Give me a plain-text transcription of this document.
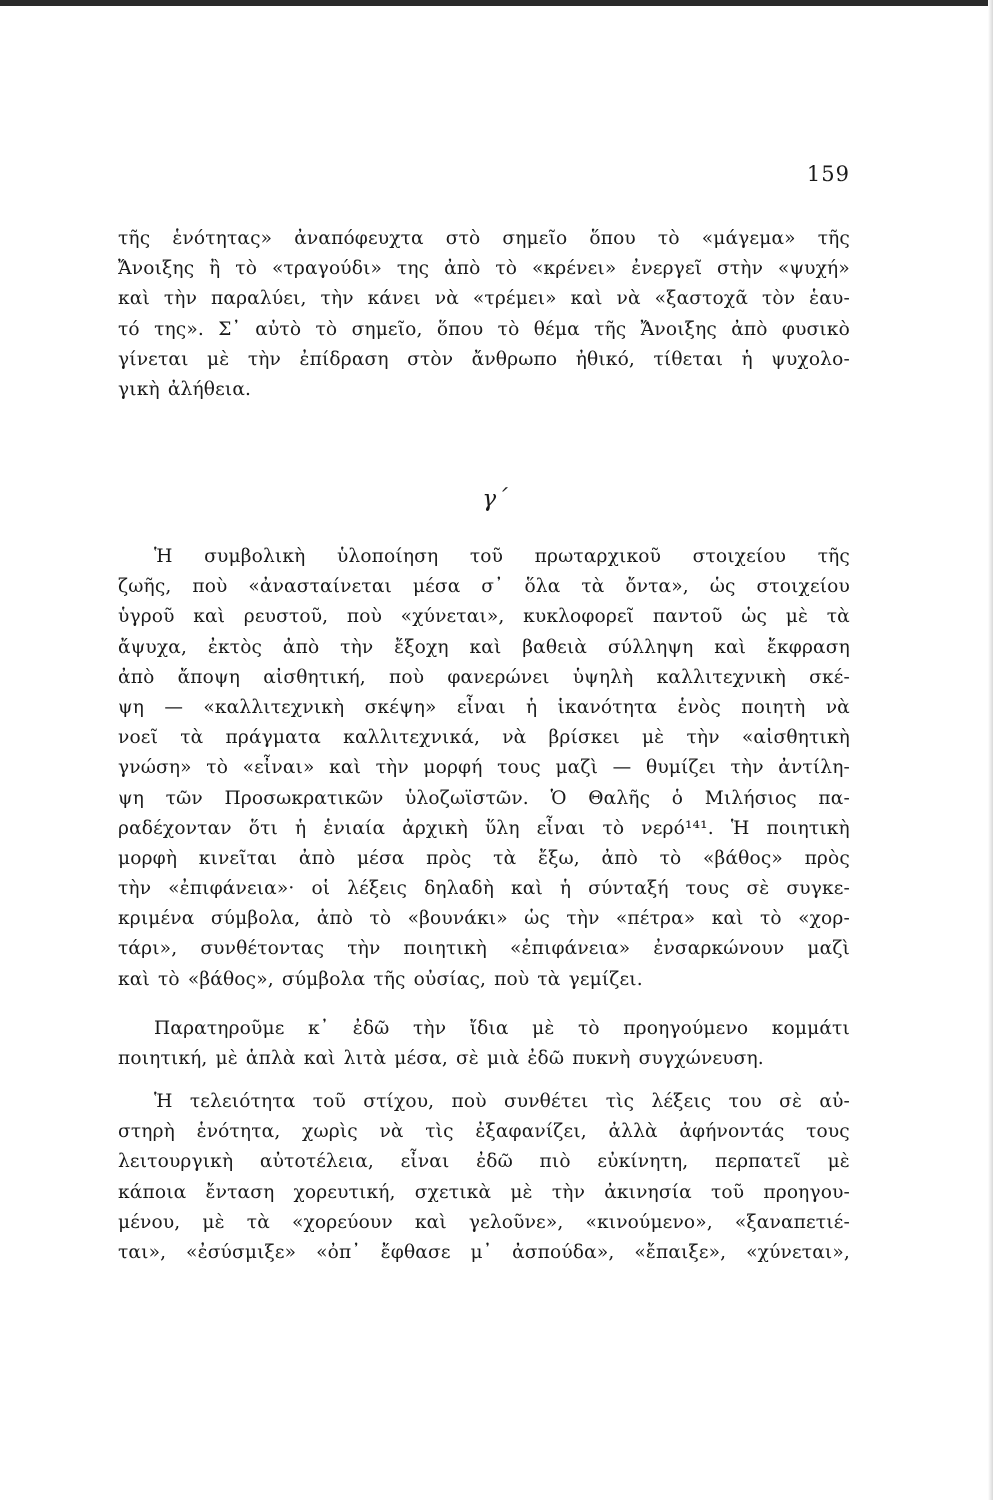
159
τῆς ἑνότητας» ἀναπόφευχτα στὸ σημεῖο ὅπου τὸ «μάγεμα» τῆς
Ἄνοιξης ἢ τὸ «τραγούδι» της ἀπὸ τὸ «κρένει» ἐνεργεῖ στὴν «ψυχή»
καὶ τὴν παραλύει, τὴν κάνει νὰ «τρέμει» καὶ νὰ «ξαστοχᾶ τὸν ἑαυ-
τό της». Σ᾿ αὐτὸ τὸ σημεῖο, ὅπου τὸ θέμα τῆς Ἄνοιξης ἀπὸ φυσικὸ
γίνεται μὲ τὴν ἐπίδραση στὸν ἄνθρωπο ἠθικό, τίθεται ἡ ψυχολο-
γικὴ ἀλήθεια.
γ΄
Ἡ συμβολικὴ ὑλοποίηση τοῦ πρωταρχικοῦ στοιχείου τῆς
ζωῆς, ποὺ «ἀνασταίνεται μέσα σ᾿ ὅλα τὰ ὄντα», ὡς στοιχείου
ὑγροῦ καὶ ρευστοῦ, ποὺ «χύνεται», κυκλοφορεῖ παντοῦ ὡς μὲ τὰ
ἄψυχα, ἐκτὸς ἀπὸ τὴν ἔξοχη καὶ βαθειὰ σύλληψη καὶ ἔκφραση
ἀπὸ ἄποψη αἰσθητική, ποὺ φανερώνει ὑψηλὴ καλλιτεχνικὴ σκέ-
ψη — «καλλιτεχνικὴ σκέψη» εἶναι ἡ ἱκανότητα ἑνὸς ποιητὴ νὰ
νοεῖ τὰ πράγματα καλλιτεχνικά, νὰ βρίσκει μὲ τὴν «αἰσθητικὴ
γνώση» τὸ «εἶναι» καὶ τὴν μορφή τους μαζὶ — θυμίζει τὴν ἀντίλη-
ψη τῶν Προσωκρατικῶν ὑλοζωϊστῶν. Ὁ Θαλῆς ὁ Μιλήσιος πα-
ραδέχονταν ὅτι ἡ ἑνιαία ἀρχικὴ ὕλη εἶναι τὸ νερό¹⁴¹. Ἡ ποιητικὴ
μορφὴ κινεῖται ἀπὸ μέσα πρὸς τὰ ἔξω, ἀπὸ τὸ «βάθος» πρὸς
τὴν «ἐπιφάνεια»· οἱ λέξεις δηλαδὴ καὶ ἡ σύνταξή τους σὲ συγκε-
κριμένα σύμβολα, ἀπὸ τὸ «βουνάκι» ὡς τὴν «πέτρα» καὶ τὸ «χορ-
τάρι», συνθέτοντας τὴν ποιητικὴ «ἐπιφάνεια» ἐνσαρκώνουν μαζὶ
καὶ τὸ «βάθος», σύμβολα τῆς οὐσίας, ποὺ τὰ γεμίζει.
Παρατηροῦμε κ᾿ ἐδῶ τὴν ἴδια μὲ τὸ προηγούμενο κομμάτι
ποιητική, μὲ ἁπλὰ καὶ λιτὰ μέσα, σὲ μιὰ ἐδῶ πυκνὴ συγχώνευση.
Ἡ τελειότητα τοῦ στίχου, ποὺ συνθέτει τὶς λέξεις του σὲ αὐ-
στηρὴ ἑνότητα, χωρὶς νὰ τὶς ἐξαφανίζει, ἀλλὰ ἀφήνοντάς τους
λειτουργικὴ αὐτοτέλεια, εἶναι ἐδῶ πιὸ εὐκίνητη, περπατεῖ μὲ
κάποια ἔνταση χορευτική, σχετικὰ μὲ τὴν ἀκινησία τοῦ προηγου-
μένου, μὲ τὰ «χορεύουν καὶ γελοῦνε», «κινούμενο», «ξαναπετιέ-
ται», «ἐσύσμιξε» «ὀπ᾿ ἔφθασε μ᾿ ἀσπούδα», «ἔπαιξε», «χύνεται»,
